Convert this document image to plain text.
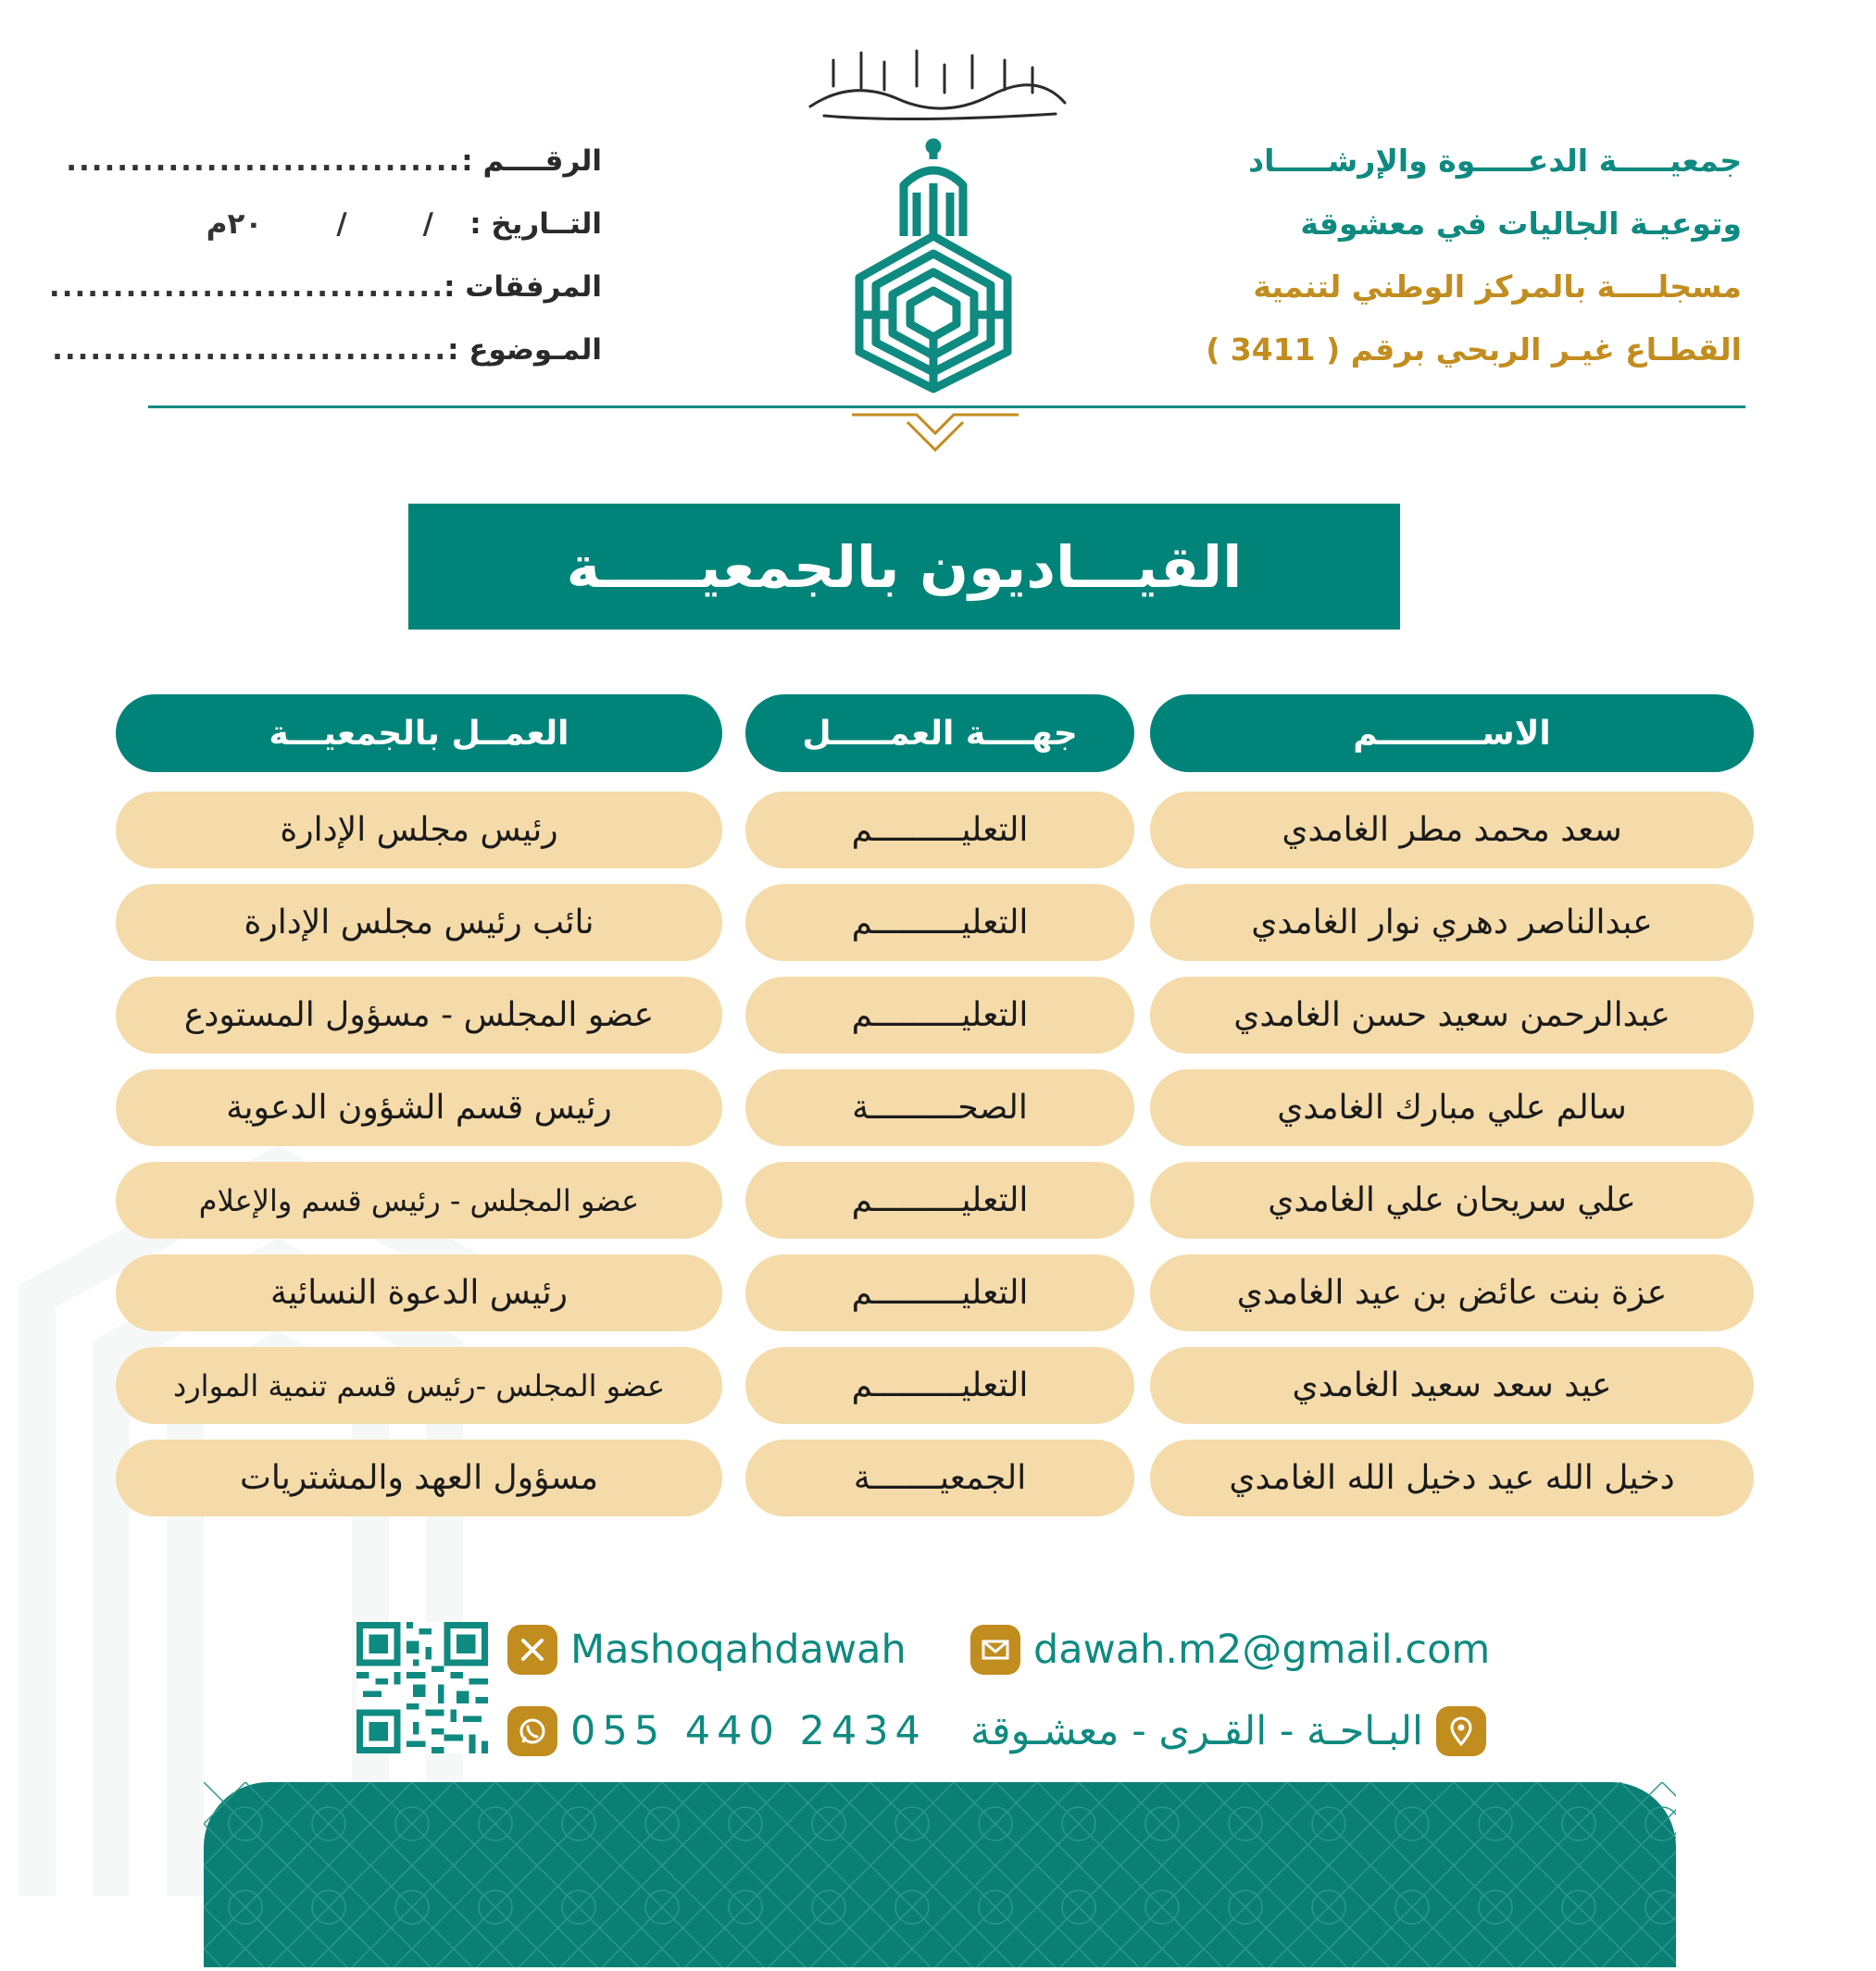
جمعيـــــة الدعـــــوة والإرشـــــاد
وتوعيـة الجاليات في معشوقة
مسجلــــة بالمركز الوطني لتنمية
القطـاع غيـر الربحي برقم ( 3411 )
الرقــــم :
...............................
التــاريخ :
/
/
٢٠م
المرفقات :
...............................
المـوضوع :
...............................
القيـــاديون بالجمعيـــــة
الاســـــــــم
جهــــة العمـــــل
العمــل بالجمعيـــة
سعد محمد مطر الغامدي
التعليـــــــــم
رئيس مجلس الإدارة
عبدالناصر دهري نوار الغامدي
التعليـــــــــم
نائب رئيس مجلس الإدارة
عبدالرحمن سعيد حسن الغامدي
التعليـــــــــم
عضو المجلس - مسؤول المستودع
سالم علي مبارك الغامدي
الصحـــــــــة
رئيس قسم الشؤون الدعوية
علي سريحان علي الغامدي
التعليـــــــــم
عضو المجلس - رئيس قسم والإعلام
عزة بنت عائض بن عيد الغامدي
التعليـــــــــم
رئيس الدعوة النسائية
عيد سعد سعيد الغامدي
التعليـــــــــم
عضو المجلس -رئيس قسم تنمية الموارد
دخيل الله عيد دخيل الله الغامدي
الجمعيـــــــة
مسؤول العهد والمشتريات
Mashoqahdawah	dawah.m2@gmail.com
055 440 2434 البـاحـة - القـرى - معشـوقة
